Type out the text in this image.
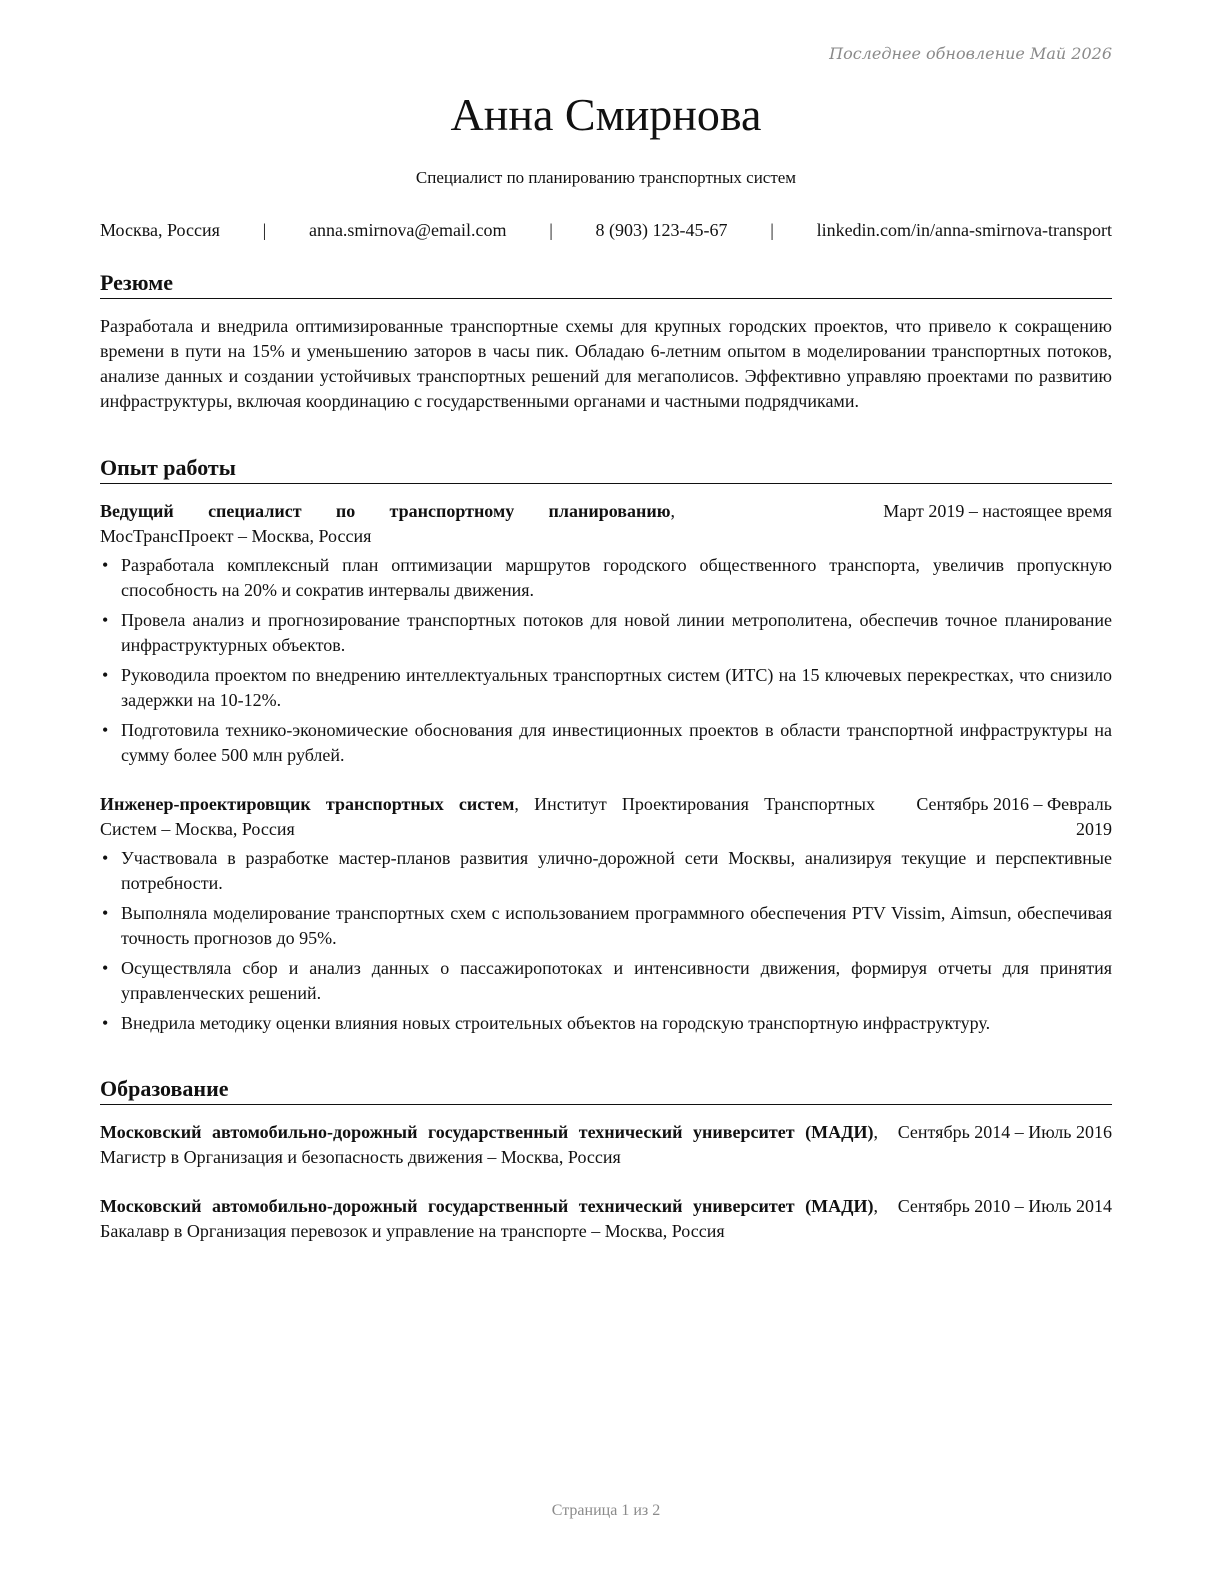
Последнее обновление Май 2026
Анна Смирнова
Специалист по планированию транспортных систем
Москва, Россия | anna.smirnova@email.com | 8 (903) 123-45-67 | linkedin.com/in/anna-smirnova-transport
Резюме
Разработала и внедрила оптимизированные транспортные схемы для крупных городских проектов, что привело к сокращению времени в пути на 15% и уменьшению заторов в часы пик. Обладаю 6-летним опытом в моделировании транспортных потоков, анализе данных и создании устойчивых транспортных решений для мегаполисов. Эффективно управляю проектами по развитию инфраструктуры, включая координацию с государственными органами и частными подрядчиками.
Опыт работы
Ведущий специалист по транспортному планированию, МосТрансПроект – Москва, Россия
Март 2019 – настоящее время
• Разработала комплексный план оптимизации маршрутов городского общественного транспорта, увеличив пропускную способность на 20% и сократив интервалы движения.
• Провела анализ и прогнозирование транспортных потоков для новой линии метрополитена, обеспечив точное планирование инфраструктурных объектов.
• Руководила проектом по внедрению интеллектуальных транспортных систем (ИТС) на 15 ключевых перекрестках, что снизило задержки на 10-12%.
• Подготовила технико-экономические обоснования для инвестиционных проектов в области транспортной инфраструктуры на сумму более 500 млн рублей.
Инженер-проектировщик транспортных систем, Институт Проектирования Транспортных Систем – Москва, Россия
Сентябрь 2016 – Февраль 2019
• Участвовала в разработке мастер-планов развития улично-дорожной сети Москвы, анализируя текущие и перспективные потребности.
• Выполняла моделирование транспортных схем с использованием программного обеспечения PTV Vissim, Aimsun, обеспечивая точность прогнозов до 95%.
• Осуществляла сбор и анализ данных о пассажиропотоках и интенсивности движения, формируя отчеты для принятия управленческих решений.
• Внедрила методику оценки влияния новых строительных объектов на городскую транспортную инфраструктуру.
Образование
Московский автомобильно-дорожный государственный технический университет (МАДИ), Магистр в Организация и безопасность движения – Москва, Россия
Сентябрь 2014 – Июль 2016
Московский автомобильно-дорожный государственный технический университет (МАДИ), Бакалавр в Организация перевозок и управление на транспорте – Москва, Россия
Сентябрь 2010 – Июль 2014
Страница 1 из 2
